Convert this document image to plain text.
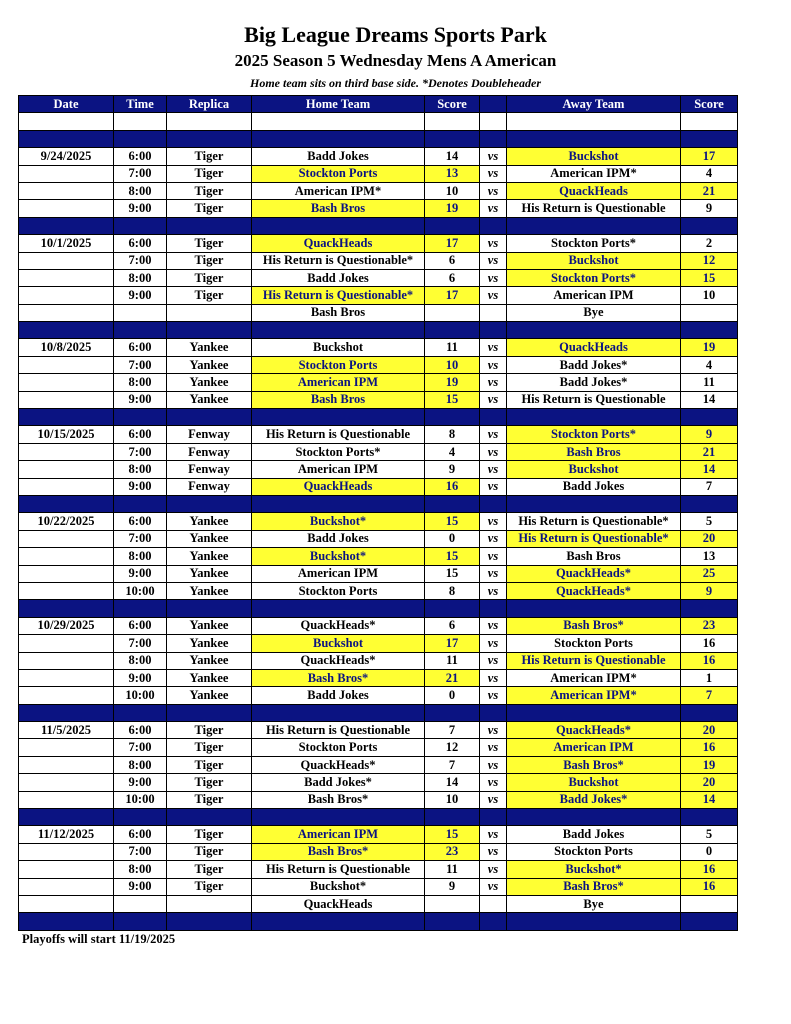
Big League Dreams Sports Park
2025 Season 5 Wednesday Mens A American
Home team sits on third base side. *Denotes Doubleheader
Date	Time	Replica	Home Team	Score		Away Team	Score

9/24/2025	6:00	Tiger	Badd Jokes	14	vs	Buckshot	17
	7:00	Tiger	Stockton Ports	13	vs	American IPM*	4
	8:00	Tiger	American IPM*	10	vs	QuackHeads	21
	9:00	Tiger	Bash Bros	19	vs	His Return is Questionable	9

10/1/2025	6:00	Tiger	QuackHeads	17	vs	Stockton Ports*	2
	7:00	Tiger	His Return is Questionable*	6	vs	Buckshot	12
	8:00	Tiger	Badd Jokes	6	vs	Stockton Ports*	15
	9:00	Tiger	His Return is Questionable*	17	vs	American IPM	10
			Bash Bros			Bye	

10/8/2025	6:00	Yankee	Buckshot	11	vs	QuackHeads	19
	7:00	Yankee	Stockton Ports	10	vs	Badd Jokes*	4
	8:00	Yankee	American IPM	19	vs	Badd Jokes*	11
	9:00	Yankee	Bash Bros	15	vs	His Return is Questionable	14

10/15/2025	6:00	Fenway	His Return is Questionable	8	vs	Stockton Ports*	9
	7:00	Fenway	Stockton Ports*	4	vs	Bash Bros	21
	8:00	Fenway	American IPM	9	vs	Buckshot	14
	9:00	Fenway	QuackHeads	16	vs	Badd Jokes	7

10/22/2025	6:00	Yankee	Buckshot*	15	vs	His Return is Questionable*	5
	7:00	Yankee	Badd Jokes	0	vs	His Return is Questionable*	20
	8:00	Yankee	Buckshot*	15	vs	Bash Bros	13
	9:00	Yankee	American IPM	15	vs	QuackHeads*	25
	10:00	Yankee	Stockton Ports	8	vs	QuackHeads*	9

10/29/2025	6:00	Yankee	QuackHeads*	6	vs	Bash Bros*	23
	7:00	Yankee	Buckshot	17	vs	Stockton Ports	16
	8:00	Yankee	QuackHeads*	11	vs	His Return is Questionable	16
	9:00	Yankee	Bash Bros*	21	vs	American IPM*	1
	10:00	Yankee	Badd Jokes	0	vs	American IPM*	7

11/5/2025	6:00	Tiger	His Return is Questionable	7	vs	QuackHeads*	20
	7:00	Tiger	Stockton Ports	12	vs	American IPM	16
	8:00	Tiger	QuackHeads*	7	vs	Bash Bros*	19
	9:00	Tiger	Badd Jokes*	14	vs	Buckshot	20
	10:00	Tiger	Bash Bros*	10	vs	Badd Jokes*	14

11/12/2025	6:00	Tiger	American IPM	15	vs	Badd Jokes	5
	7:00	Tiger	Bash Bros*	23	vs	Stockton Ports	0
	8:00	Tiger	His Return is Questionable	11	vs	Buckshot*	16
	9:00	Tiger	Buckshot*	9	vs	Bash Bros*	16
			QuackHeads			Bye	

Playoffs will start 11/19/2025
